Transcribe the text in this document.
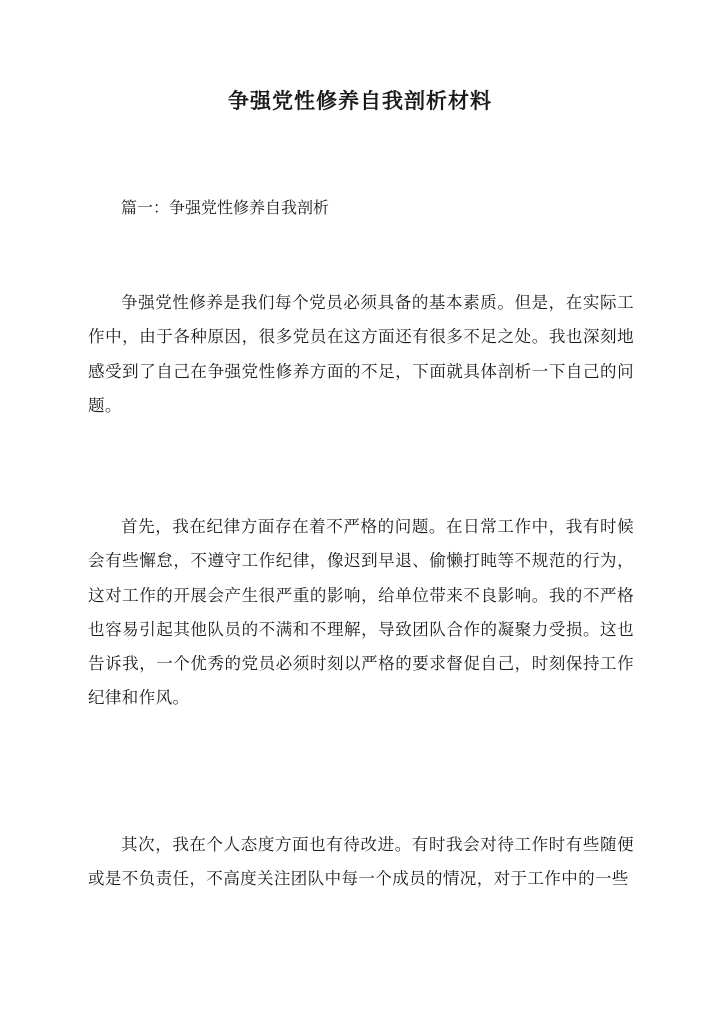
争强党性修养自我剖析材料

篇一：争强党性修养自我剖析

争强党性修养是我们每个党员必须具备的基本素质。但是，在实际工作中，由于各种原因，很多党员在这方面还有很多不足之处。我也深刻地感受到了自己在争强党性修养方面的不足，下面就具体剖析一下自己的问题。

首先，我在纪律方面存在着不严格的问题。在日常工作中，我有时候会有些懈怠，不遵守工作纪律，像迟到早退、偷懒打盹等不规范的行为，这对工作的开展会产生很严重的影响，给单位带来不良影响。我的不严格也容易引起其他队员的不满和不理解，导致团队合作的凝聚力受损。这也告诉我，一个优秀的党员必须时刻以严格的要求督促自己，时刻保持工作纪律和作风。

其次，我在个人态度方面也有待改进。有时我会对待工作时有些随便或是不负责任，不高度关注团队中每一个成员的情况，对于工作中的一些
